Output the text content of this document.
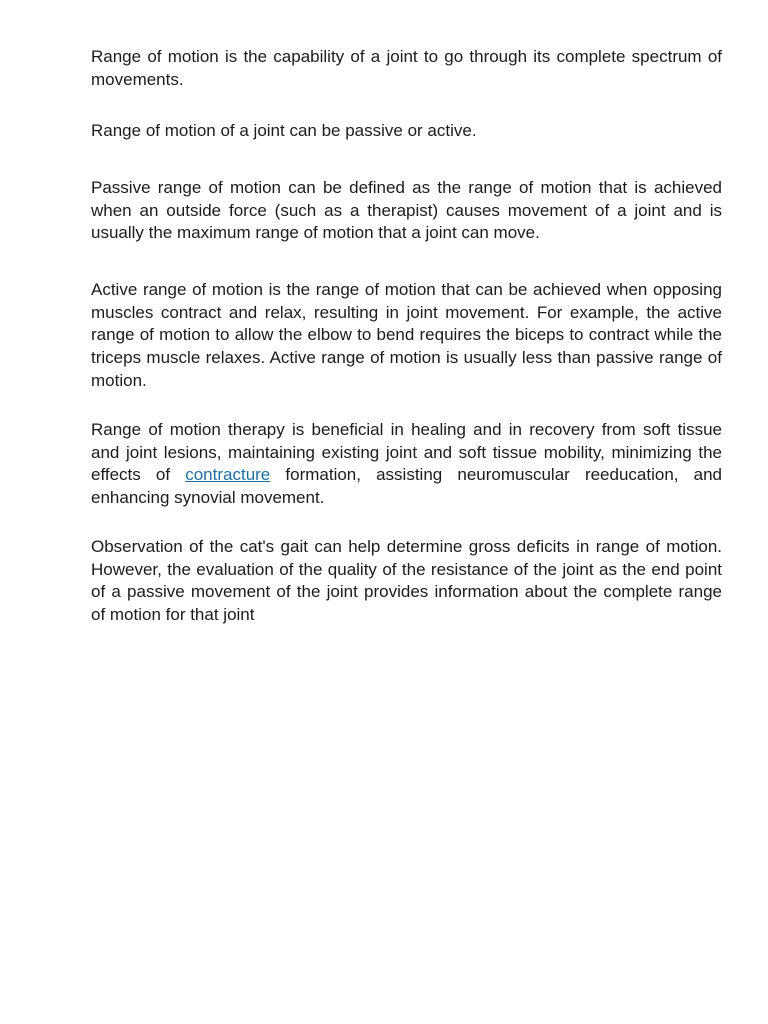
Range of motion is the capability of a joint to go through its complete spectrum of movements.

Range of motion of a joint can be passive or active.

Passive range of motion can be defined as the range of motion that is achieved when an outside force (such as a therapist) causes movement of a joint and is usually the maximum range of motion that a joint can move.

Active range of motion is the range of motion that can be achieved when opposing muscles contract and relax, resulting in joint movement. For example, the active range of motion to allow the elbow to bend requires the biceps to contract while the triceps muscle relaxes. Active range of motion is usually less than passive range of motion.

Range of motion therapy is beneficial in healing and in recovery from soft tissue and joint lesions, maintaining existing joint and soft tissue mobility, minimizing the effects of contracture formation, assisting neuromuscular reeducation, and enhancing synovial movement.

Observation of the cat's gait can help determine gross deficits in range of motion. However, the evaluation of the quality of the resistance of the joint as the end point of a passive movement of the joint provides information about the complete range of motion for that joint
